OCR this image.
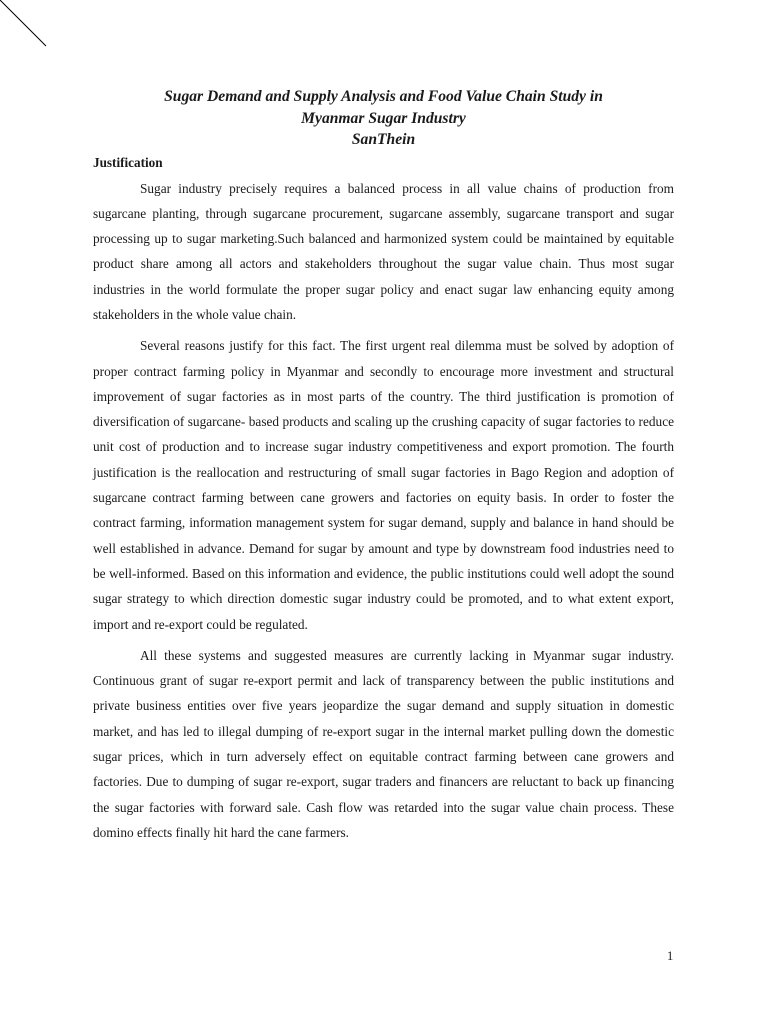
Sugar Demand and Supply Analysis and Food Value Chain Study in
Myanmar Sugar Industry
SanThein
Justification

Sugar industry precisely requires a balanced process in all value chains of production from sugarcane planting, through sugarcane procurement, sugarcane assembly, sugarcane transport and sugar processing up to sugar marketing.Such balanced and harmonized system could be maintained by equitable product share among all actors and stakeholders throughout the sugar value chain. Thus most sugar industries in the world formulate the proper sugar policy and enact sugar law enhancing equity among stakeholders in the whole value chain.

Several reasons justify for this fact. The first urgent real dilemma must be solved by adoption of proper contract farming policy in Myanmar and secondly to encourage more investment and structural improvement of sugar factories as in most parts of the country. The third justification is promotion of diversification of sugarcane- based products and scaling up the crushing capacity of sugar factories to reduce unit cost of production and to increase sugar industry competitiveness and export promotion. The fourth justification is the reallocation and restructuring of small sugar factories in Bago Region and adoption of sugarcane contract farming between cane growers and factories on equity basis. In order to foster the contract farming, information management system for sugar demand, supply and balance in hand should be well established in advance. Demand for sugar by amount and type by downstream food industries need to be well-informed. Based on this information and evidence, the public institutions could well adopt the sound sugar strategy to which direction domestic sugar industry could be promoted, and to what extent export, import and re-export could be regulated.

All these systems and suggested measures are currently lacking in Myanmar sugar industry. Continuous grant of sugar re-export permit and lack of transparency between the public institutions and private business entities over five years jeopardize the sugar demand and supply situation in domestic market, and has led to illegal dumping of re-export sugar in the internal market pulling down the domestic sugar prices, which in turn adversely effect on equitable contract farming between cane growers and factories. Due to dumping of sugar re-export, sugar traders and financers are reluctant to back up financing the sugar factories with forward sale. Cash flow was retarded into the sugar value chain process. These domino effects finally hit hard the cane farmers.

1
